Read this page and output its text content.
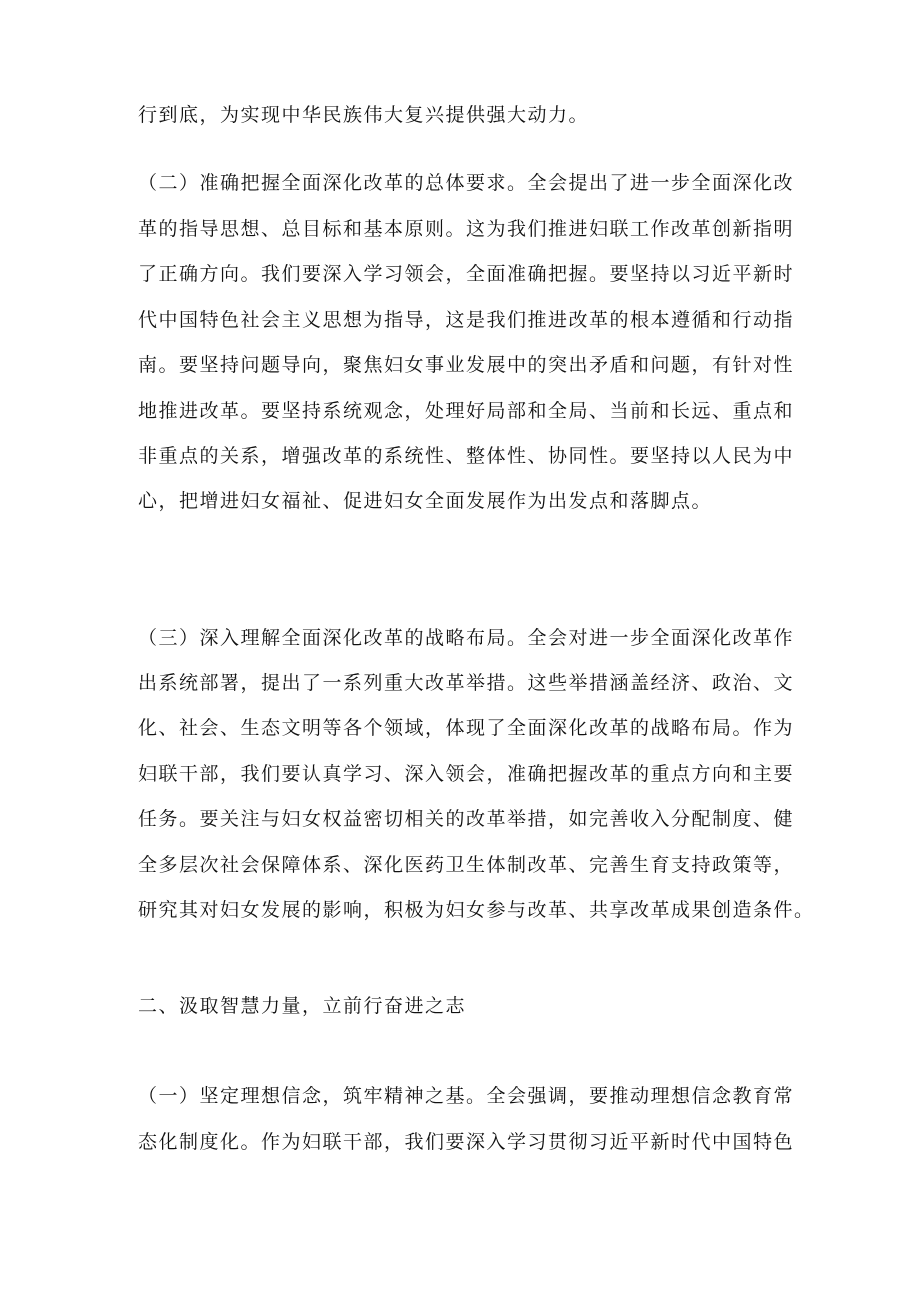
行到底，为实现中华民族伟大复兴提供强大动力。
（二）准确把握全面深化改革的总体要求。全会提出了进一步全面深化改
革的指导思想、总目标和基本原则。这为我们推进妇联工作改革创新指明
了正确方向。我们要深入学习领会，全面准确把握。要坚持以习近平新时
代中国特色社会主义思想为指导，这是我们推进改革的根本遵循和行动指
南。要坚持问题导向，聚焦妇女事业发展中的突出矛盾和问题，有针对性
地推进改革。要坚持系统观念，处理好局部和全局、当前和长远、重点和
非重点的关系，增强改革的系统性、整体性、协同性。要坚持以人民为中
心，把增进妇女福祉、促进妇女全面发展作为出发点和落脚点。
（三）深入理解全面深化改革的战略布局。全会对进一步全面深化改革作
出系统部署，提出了一系列重大改革举措。这些举措涵盖经济、政治、文
化、社会、生态文明等各个领域，体现了全面深化改革的战略布局。作为
妇联干部，我们要认真学习、深入领会，准确把握改革的重点方向和主要
任务。要关注与妇女权益密切相关的改革举措，如完善收入分配制度、健
全多层次社会保障体系、深化医药卫生体制改革、完善生育支持政策等，
研究其对妇女发展的影响，积极为妇女参与改革、共享改革成果创造条件。
二、汲取智慧力量，立前行奋进之志
（一）坚定理想信念，筑牢精神之基。全会强调，要推动理想信念教育常
态化制度化。作为妇联干部，我们要深入学习贯彻习近平新时代中国特色
